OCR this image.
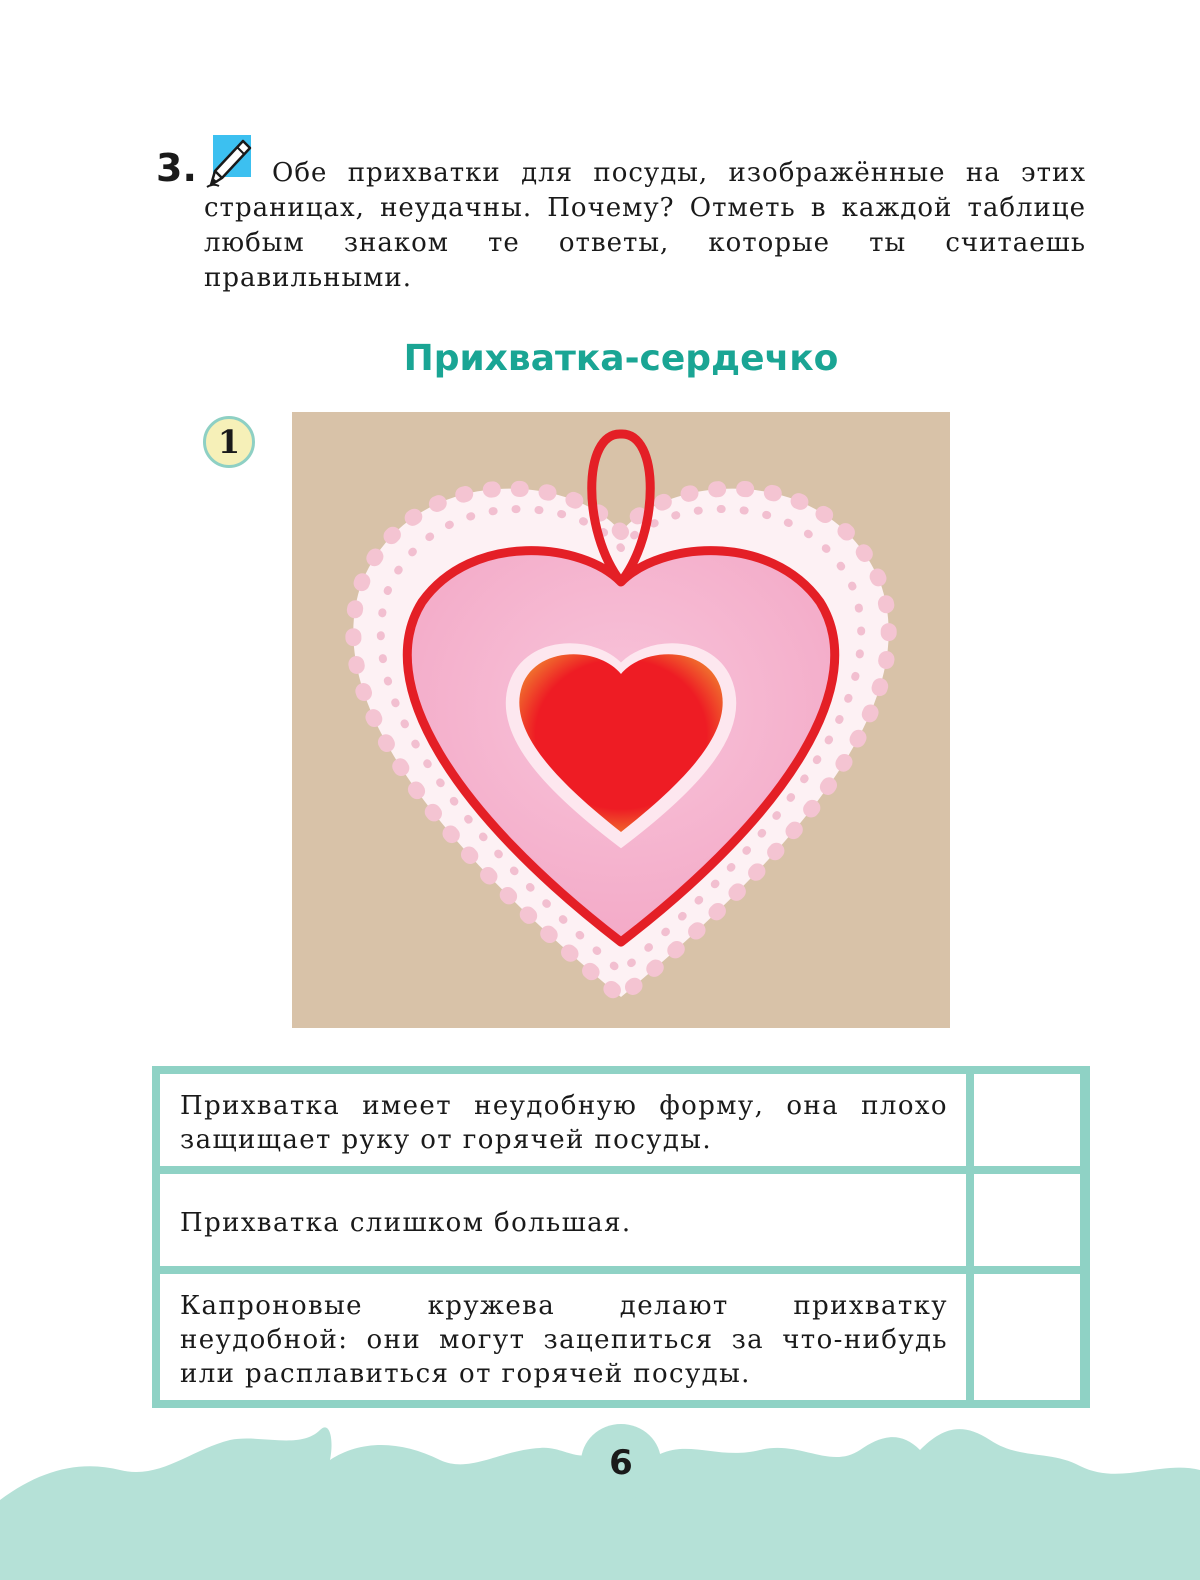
3.	Обе прихватки для посуды, изображённые на этих страницах, неудачны. Почему? Отметь в каждой таблице любым знаком те ответы, которые ты считаешь правильными.
Прихватка-сердечко
1
Прихватка имеет неудобную форму, она плохо защищает руку от горячей посуды.
Прихватка слишком большая.
Капроновые кружева делают прихватку неудобной: они могут зацепиться за что-нибудь или расплавиться от горячей посуды.
6
